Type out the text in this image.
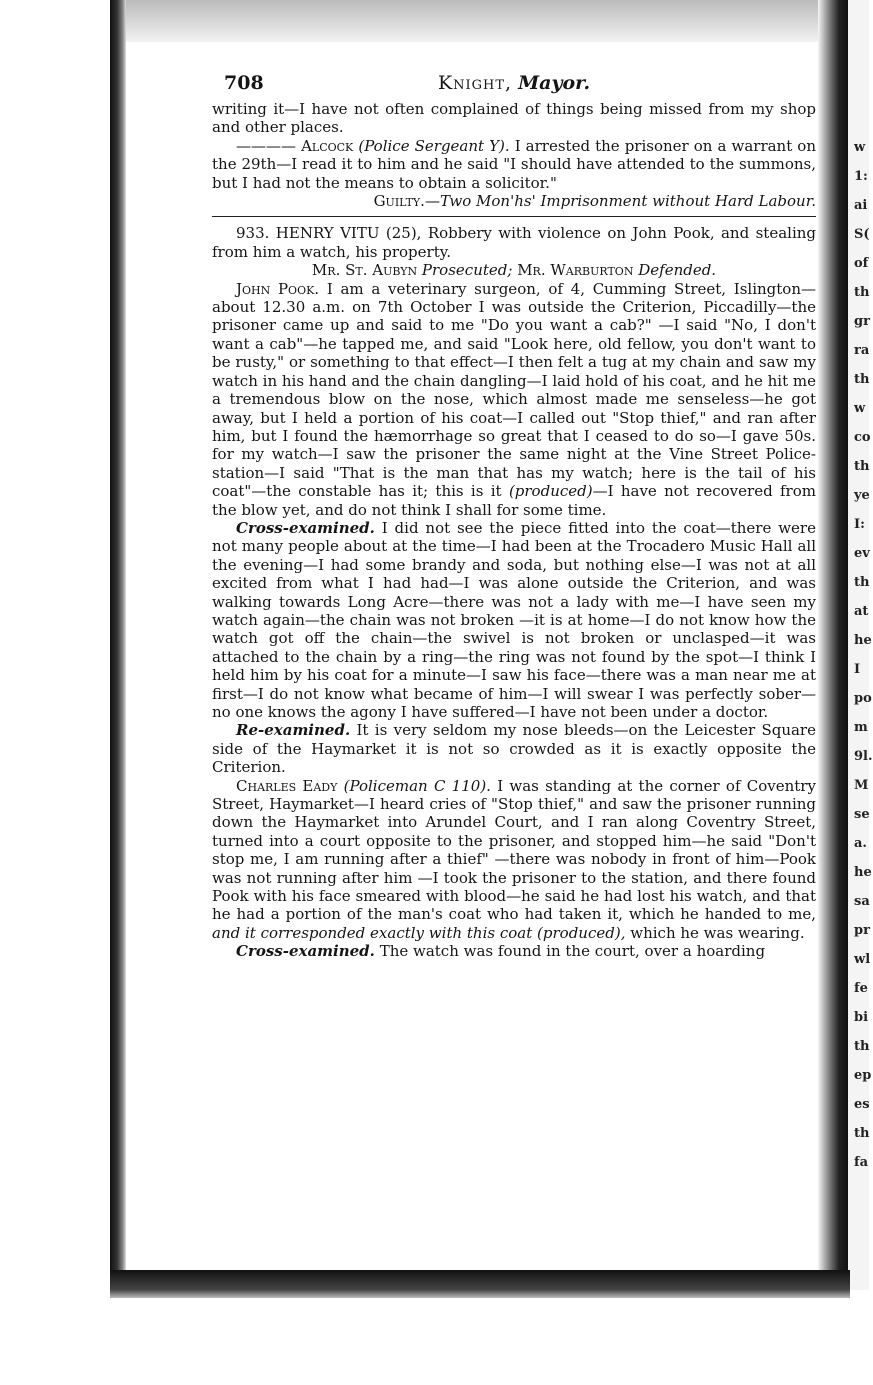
w
1:
ai
S(
of
th
gr
ra
th
w
co
th
ye
I:
ev
th
at
he
I
po
m
9l.
M
se
a.
he
sa
pr
wl
fe
bi
th
ep
es
th
fa
708	Knight, Mayor.

writing it—I have not often complained of things being missed from my shop and other places.

———— Alcock (Police Sergeant Y). I arrested the prisoner on a warrant on the 29th—I read it to him and he said "I should have attended to the summons, but I had not the means to obtain a solicitor."

Guilty.—Two Mon'hs' Imprisonment without Hard Labour.

933. HENRY VITU (25), Robbery with violence on John Pook, and stealing from him a watch, his property.

Mr. St. Aubyn Prosecuted; Mr. Warburton Defended.

John Pook. I am a veterinary surgeon, of 4, Cumming Street, Islington—about 12.30 a.m. on 7th October I was outside the Criterion, Piccadilly—the prisoner came up and said to me "Do you want a cab?" —I said "No, I don't want a cab"—he tapped me, and said "Look here, old fellow, you don't want to be rusty," or something to that effect—I then felt a tug at my chain and saw my watch in his hand and the chain dangling—I laid hold of his coat, and he hit me a tremendous blow on the nose, which almost made me senseless—he got away, but I held a portion of his coat—I called out "Stop thief," and ran after him, but I found the hæmorrhage so great that I ceased to do so—I gave 50s. for my watch—I saw the prisoner the same night at the Vine Street Police-station—I said "That is the man that has my watch; here is the tail of his coat"—the constable has it; this is it (produced)—I have not recovered from the blow yet, and do not think I shall for some time.

Cross-examined. I did not see the piece fitted into the coat—there were not many people about at the time—I had been at the Trocadero Music Hall all the evening—I had some brandy and soda, but nothing else—I was not at all excited from what I had had—I was alone outside the Criterion, and was walking towards Long Acre—there was not a lady with me—I have seen my watch again—the chain was not broken —it is at home—I do not know how the watch got off the chain—the swivel is not broken or unclasped—it was attached to the chain by a ring—the ring was not found by the spot—I think I held him by his coat for a minute—I saw his face—there was a man near me at first—I do not know what became of him—I will swear I was perfectly sober— no one knows the agony I have suffered—I have not been under a doctor.

Re-examined. It is very seldom my nose bleeds—on the Leicester Square side of the Haymarket it is not so crowded as it is exactly opposite the Criterion.

Charles Eady (Policeman C 110). I was standing at the corner of Coventry Street, Haymarket—I heard cries of "Stop thief," and saw the prisoner running down the Haymarket into Arundel Court, and I ran along Coventry Street, turned into a court opposite to the prisoner, and stopped him—he said "Don't stop me, I am running after a thief" —there was nobody in front of him—Pook was not running after him —I took the prisoner to the station, and there found Pook with his face smeared with blood—he said he had lost his watch, and that he had a portion of the man's coat who had taken it, which he handed to me, and it corresponded exactly with this coat (produced), which he was wearing.

Cross-examined. The watch was found in the court, over a hoarding
